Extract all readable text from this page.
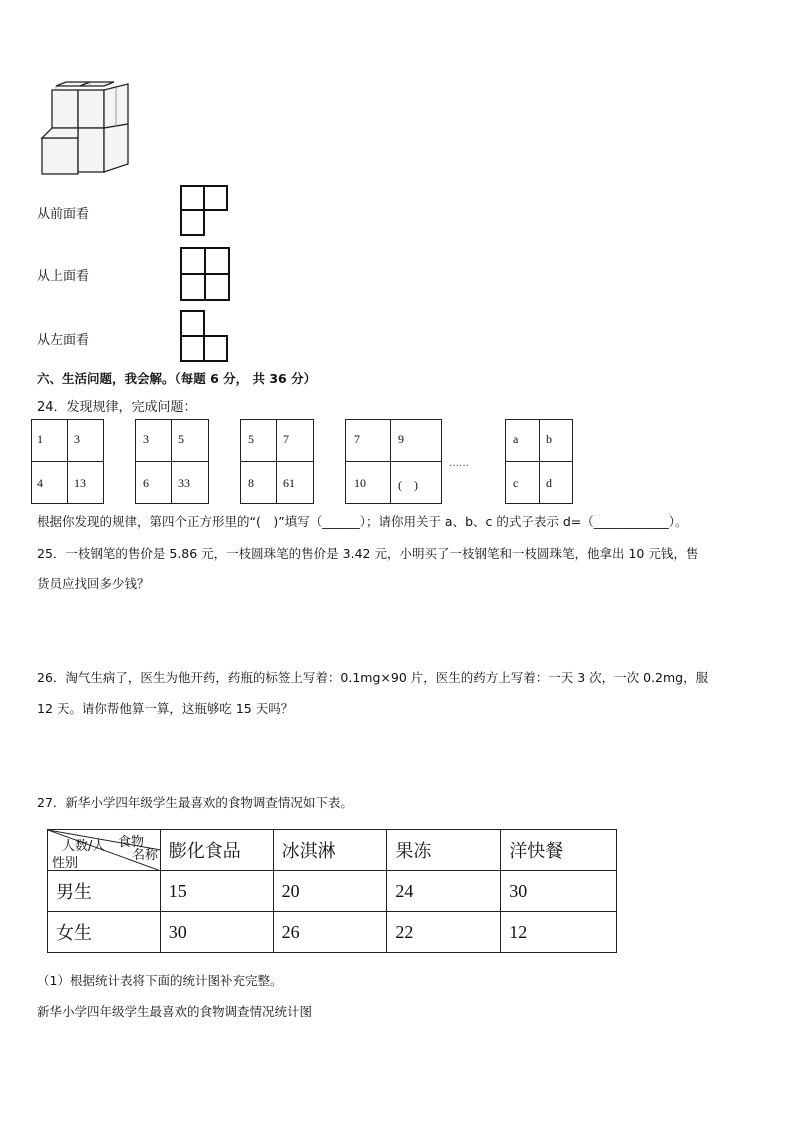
从前面看
从上面看
从左面看
六、生活问题，我会解。（每题 6 分， 共 36 分）
24．发现规律，完成问题：
1	3
4	13
3	5
6	33
5	7
8	61
7	9
10	(　)
……
a	b
c	d
根据你发现的规律，第四个正方形里的“(　)”填写（______）；请你用关于 a、b、c 的式子表示 d=（____________）。
25．一枝钢笔的售价是 5.86 元，一枝圆珠笔的售价是 3.42 元，小明买了一枝钢笔和一枝圆珠笔，他拿出 10 元钱，售
货员应找回多少钱？
26．淘气生病了，医生为他开药，药瓶的标签上写着：0.1mg×90 片，医生的药方上写着：一天 3 次，一次 0.2mg，服
12 天。请你帮他算一算，这瓶够吃 15 天吗？
27．新华小学四年级学生最喜欢的食物调查情况如下表。
食物
人数/人
名称
性别	膨化食品	冰淇淋	果冻	洋快餐
男生	15	20	24	30
女生	30	26	22	12
（1）根据统计表将下面的统计图补充完整。
新华小学四年级学生最喜欢的食物调查情况统计图
